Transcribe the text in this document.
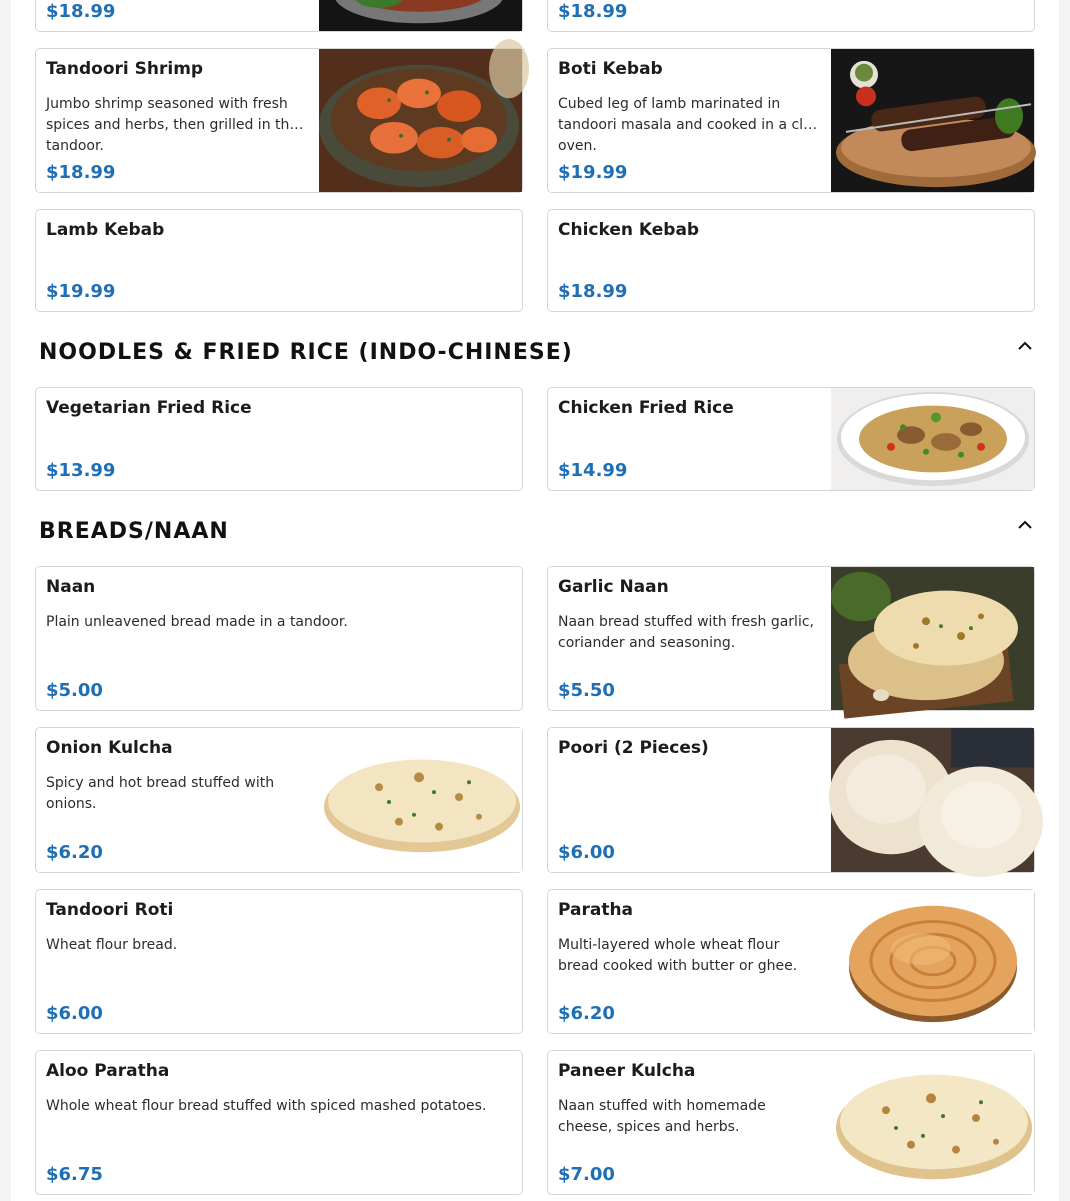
$18.99	$18.99
Tandoori Shrimp
Jumbo shrimp seasoned with fresh spices and herbs, then grilled in the tandoor.
$18.99
Boti Kebab
Cubed leg of lamb marinated in tandoori masala and cooked in a clay oven.
$19.99
Lamb Kebab
$19.99
Chicken Kebab
$18.99
NOODLES & FRIED RICE (INDO-CHINESE)
Vegetarian Fried Rice
$13.99
Chicken Fried Rice
$14.99
BREADS/NAAN
Naan
Plain unleavened bread made in a tandoor.
$5.00
Garlic Naan
Naan bread stuffed with fresh garlic, coriander and seasoning.
$5.50
Onion Kulcha
Spicy and hot bread stuffed with onions.
$6.20
Poori (2 Pieces)
$6.00
Tandoori Roti
Wheat flour bread.
$6.00
Paratha
Multi-layered whole wheat flour bread cooked with butter or ghee.
$6.20
Aloo Paratha
Whole wheat flour bread stuffed with spiced mashed potatoes.
$6.75
Paneer Kulcha
Naan stuffed with homemade cheese, spices and herbs.
$7.00
